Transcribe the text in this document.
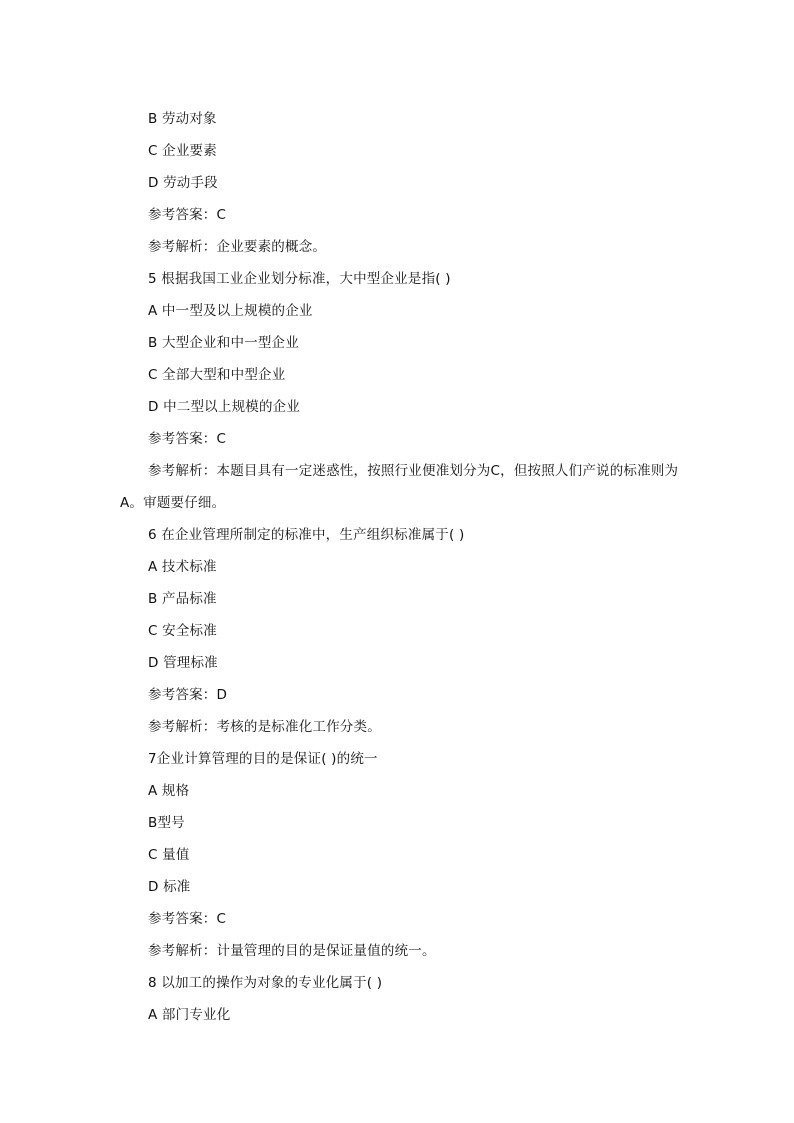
B 劳动对象
C 企业要素
D 劳动手段
参考答案：C
参考解析：企业要素的概念。
5 根据我国工业企业划分标准，大中型企业是指( )
A 中一型及以上规模的企业
B 大型企业和中一型企业
C 全部大型和中型企业
D 中二型以上规模的企业
参考答案：C
参考解析：本题目具有一定迷惑性，按照行业便准划分为C，但按照人们产说的标准则为 A。审题要仔细。
6 在企业管理所制定的标准中，生产组织标准属于( )
A 技术标准
B 产品标准
C 安全标准
D 管理标准
参考答案：D
参考解析：考核的是标准化工作分类。
7企业计算管理的目的是保证( )的统一
A 规格
B型号
C 量值
D 标准
参考答案：C
参考解析：计量管理的目的是保证量值的统一。
8 以加工的操作为对象的专业化属于( )
A 部门专业化
